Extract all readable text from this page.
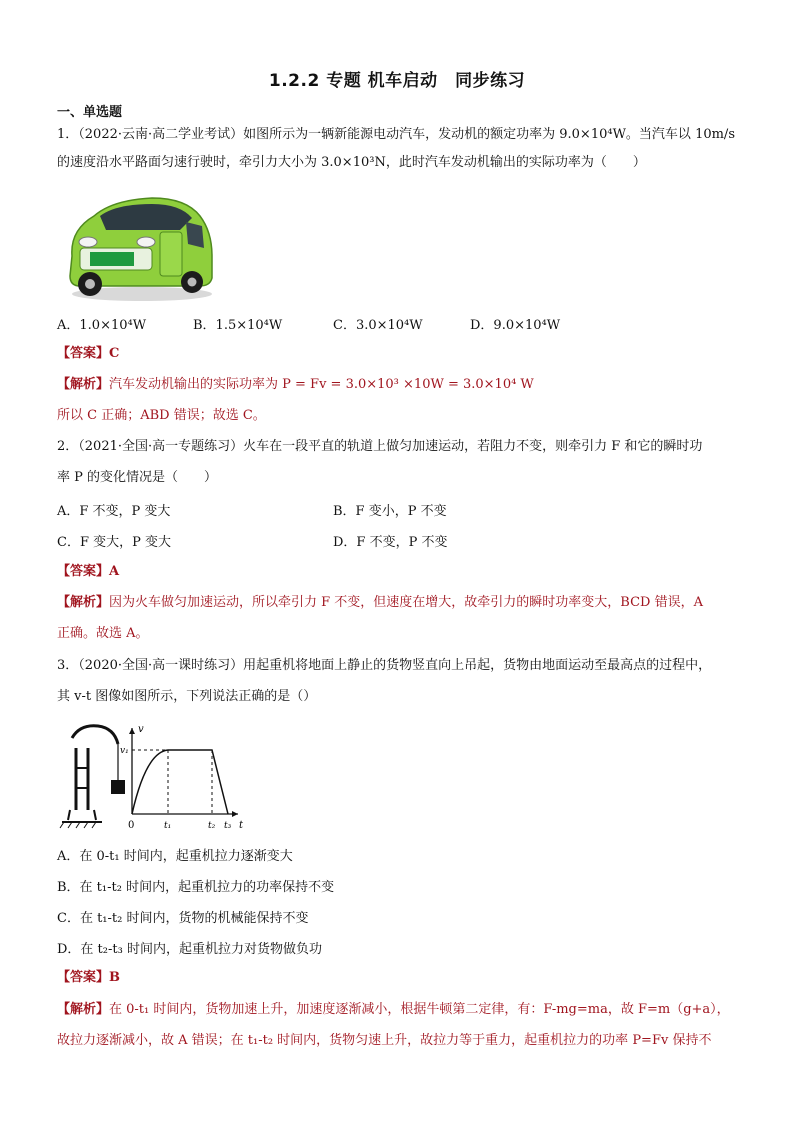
1.2.2 专题 机车启动　同步练习
一、单选题
1．（2022·云南·高二学业考试）如图所示为一辆新能源电动汽车，发动机的额定功率为 9.0×10⁴W。当汽车以 10m/s
的速度沿水平路面匀速行驶时，牵引力大小为 3.0×10³N，此时汽车发动机输出的实际功率为（　　）
A．1.0×10⁴W	B．1.5×10⁴W	C．3.0×10⁴W	D．9.0×10⁴W
【答案】C
【解析】汽车发动机输出的实际功率为 P = Fv = 3.0×10³ ×10W = 3.0×10⁴ W
所以 C 正确；ABD 错误；故选 C。
2．（2021·全国·高一专题练习）火车在一段平直的轨道上做匀加速运动，若阻力不变，则牵引力 F 和它的瞬时功
率 P 的变化情况是（　　）
A．F 不变，P 变大	B．F 变小，P 不变
C．F 变大，P 变大	D．F 不变，P 不变
【答案】A
【解析】因为火车做匀加速运动，所以牵引力 F 不变，但速度在增大，故牵引力的瞬时功率变大，BCD 错误，A
正确。故选 A。
3．（2020·全国·高一课时练习）用起重机将地面上静止的货物竖直向上吊起，货物由地面运动至最高点的过程中，
其 v-t 图像如图所示，下列说法正确的是（）
v
v₁
t
0	t₁	t₂ t₃
A．在 0-t₁ 时间内，起重机拉力逐渐变大
B．在 t₁-t₂ 时间内，起重机拉力的功率保持不变
C．在 t₁-t₂ 时间内，货物的机械能保持不变
D．在 t₂-t₃ 时间内，起重机拉力对货物做负功
【答案】B
【解析】在 0-t₁ 时间内，货物加速上升，加速度逐渐减小，根据牛顿第二定律，有：F-mg=ma，故 F=m（g+a），
故拉力逐渐减小，故 A 错误；在 t₁-t₂ 时间内，货物匀速上升，故拉力等于重力，起重机拉力的功率 P=Fv 保持不
